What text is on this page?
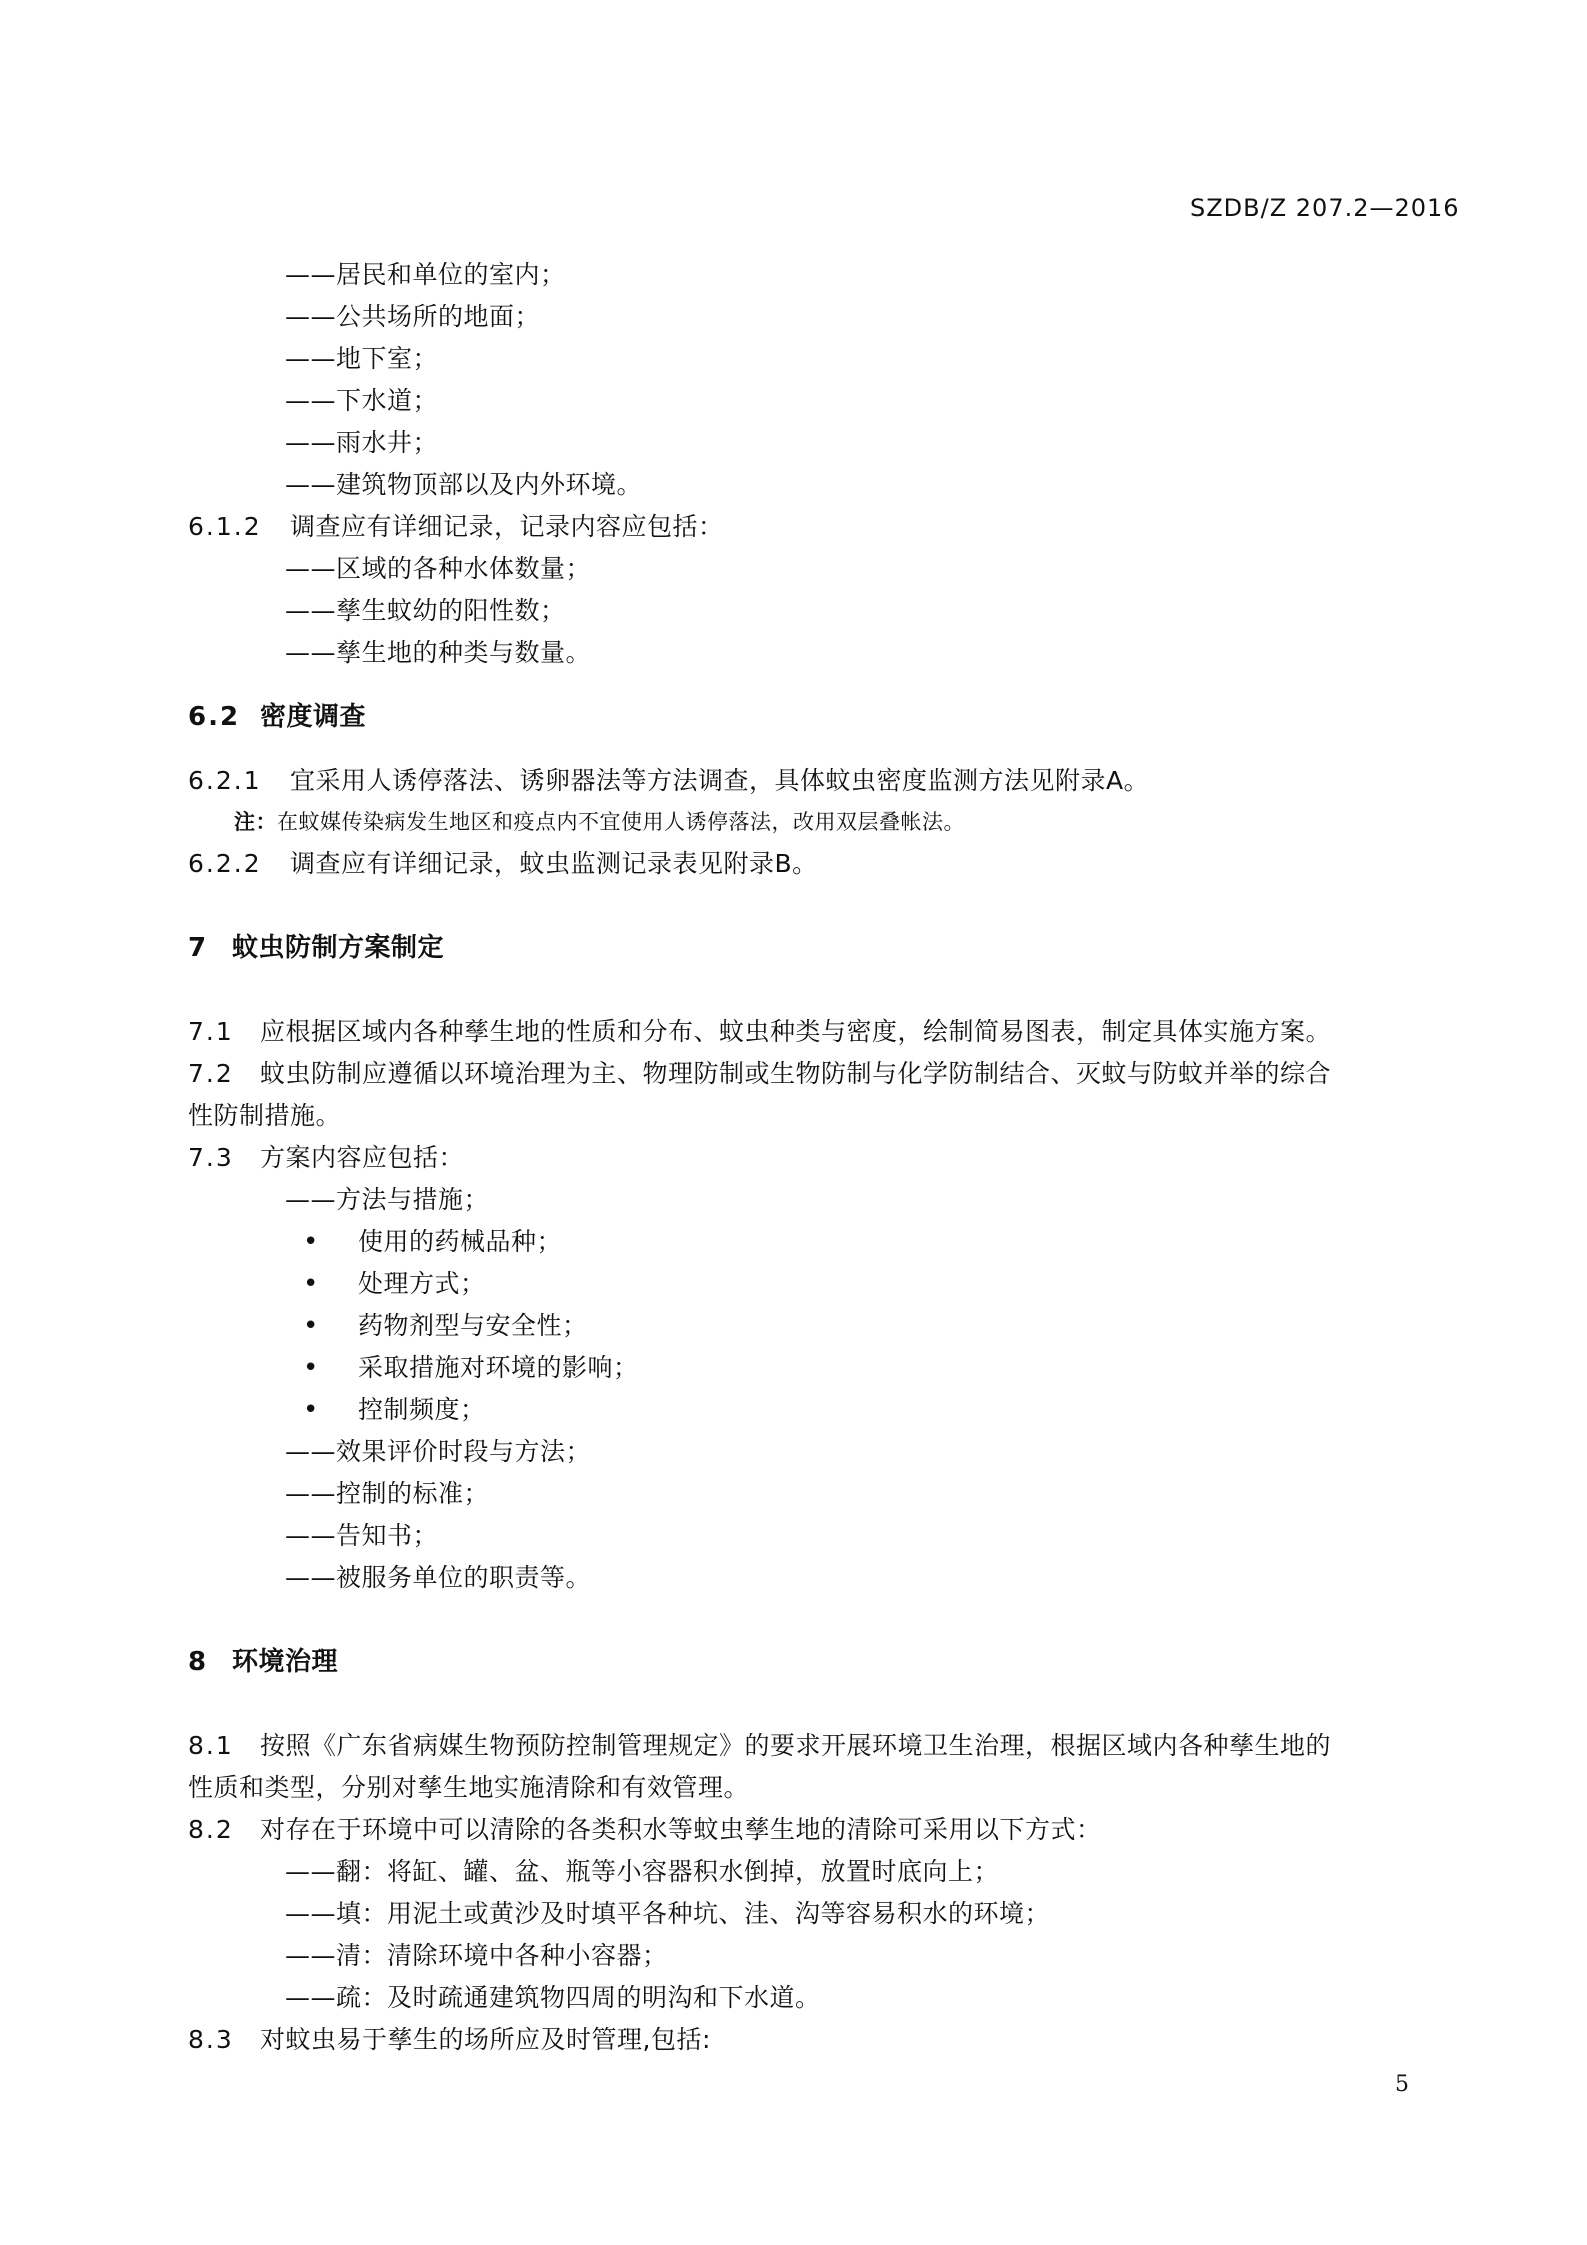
SZDB/Z 207.2—2016
——居民和单位的室内；
——公共场所的地面；
——地下室；
——下水道；
——雨水井；
——建筑物顶部以及内外环境。
6.1.2 调查应有详细记录，记录内容应包括：
——区域的各种水体数量；
——孳生蚊幼的阳性数；
——孳生地的种类与数量。
6.2 密度调查
6.2.1 宜采用人诱停落法、诱卵器法等方法调查，具体蚊虫密度监测方法见附录A。
注：在蚊媒传染病发生地区和疫点内不宜使用人诱停落法，改用双层叠帐法。
6.2.2 调查应有详细记录，蚊虫监测记录表见附录B。
7 蚊虫防制方案制定
7.1 应根据区域内各种孳生地的性质和分布、蚊虫种类与密度，绘制简易图表，制定具体实施方案。
7.2 蚊虫防制应遵循以环境治理为主、物理防制或生物防制与化学防制结合、灭蚊与防蚊并举的综合
性防制措施。
7.3 方案内容应包括：
——方法与措施；
• 使用的药械品种；
• 处理方式；
• 药物剂型与安全性；
• 采取措施对环境的影响；
• 控制频度；
——效果评价时段与方法；
——控制的标准；
——告知书；
——被服务单位的职责等。
8 环境治理
8.1 按照《广东省病媒生物预防控制管理规定》的要求开展环境卫生治理，根据区域内各种孳生地的
性质和类型，分别对孳生地实施清除和有效管理。
8.2 对存在于环境中可以清除的各类积水等蚊虫孳生地的清除可采用以下方式：
——翻：将缸、罐、盆、瓶等小容器积水倒掉，放置时底向上；
——填：用泥土或黄沙及时填平各种坑、洼、沟等容易积水的环境；
——清：清除环境中各种小容器；
——疏：及时疏通建筑物四周的明沟和下水道。
8.3 对蚊虫易于孳生的场所应及时管理,包括:
5
